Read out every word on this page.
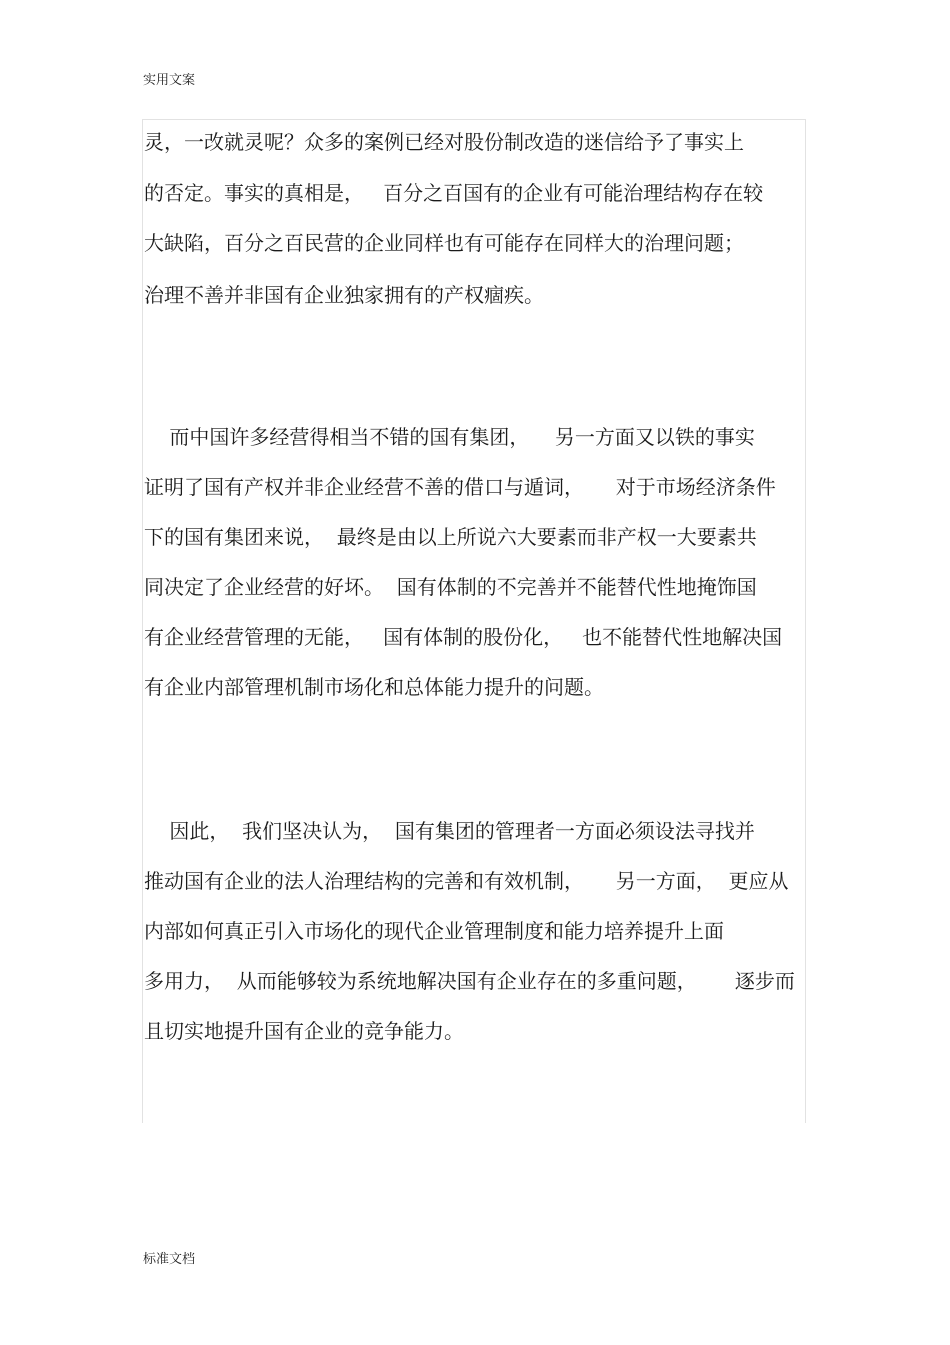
实用文案
灵，一改就灵呢？众多的案例已经对股份制改造的迷信给予了事实上
的否定。事实的真相是，   百分之百国有的企业有可能治理结构存在较
大缺陷，百分之百民营的企业同样也有可能存在同样大的治理问题；
治理不善并非国有企业独家拥有的产权痼疾。
而中国许多经营得相当不错的国有集团，    另一方面又以铁的事实
证明了国有产权并非企业经营不善的借口与遁词，     对于市场经济条件
下的国有集团来说，  最终是由以上所说六大要素而非产权一大要素共
同决定了企业经营的好坏。  国有体制的不完善并不能替代性地掩饰国
有企业经营管理的无能，   国有体制的股份化，   也不能替代性地解决国
有企业内部管理机制市场化和总体能力提升的问题。
因此，  我们坚决认为，  国有集团的管理者一方面必须设法寻找并
推动国有企业的法人治理结构的完善和有效机制，     另一方面，  更应从
内部如何真正引入市场化的现代企业管理制度和能力培养提升上面
多用力，  从而能够较为系统地解决国有企业存在的多重问题，      逐步而
且切实地提升国有企业的竞争能力。
标准文档
